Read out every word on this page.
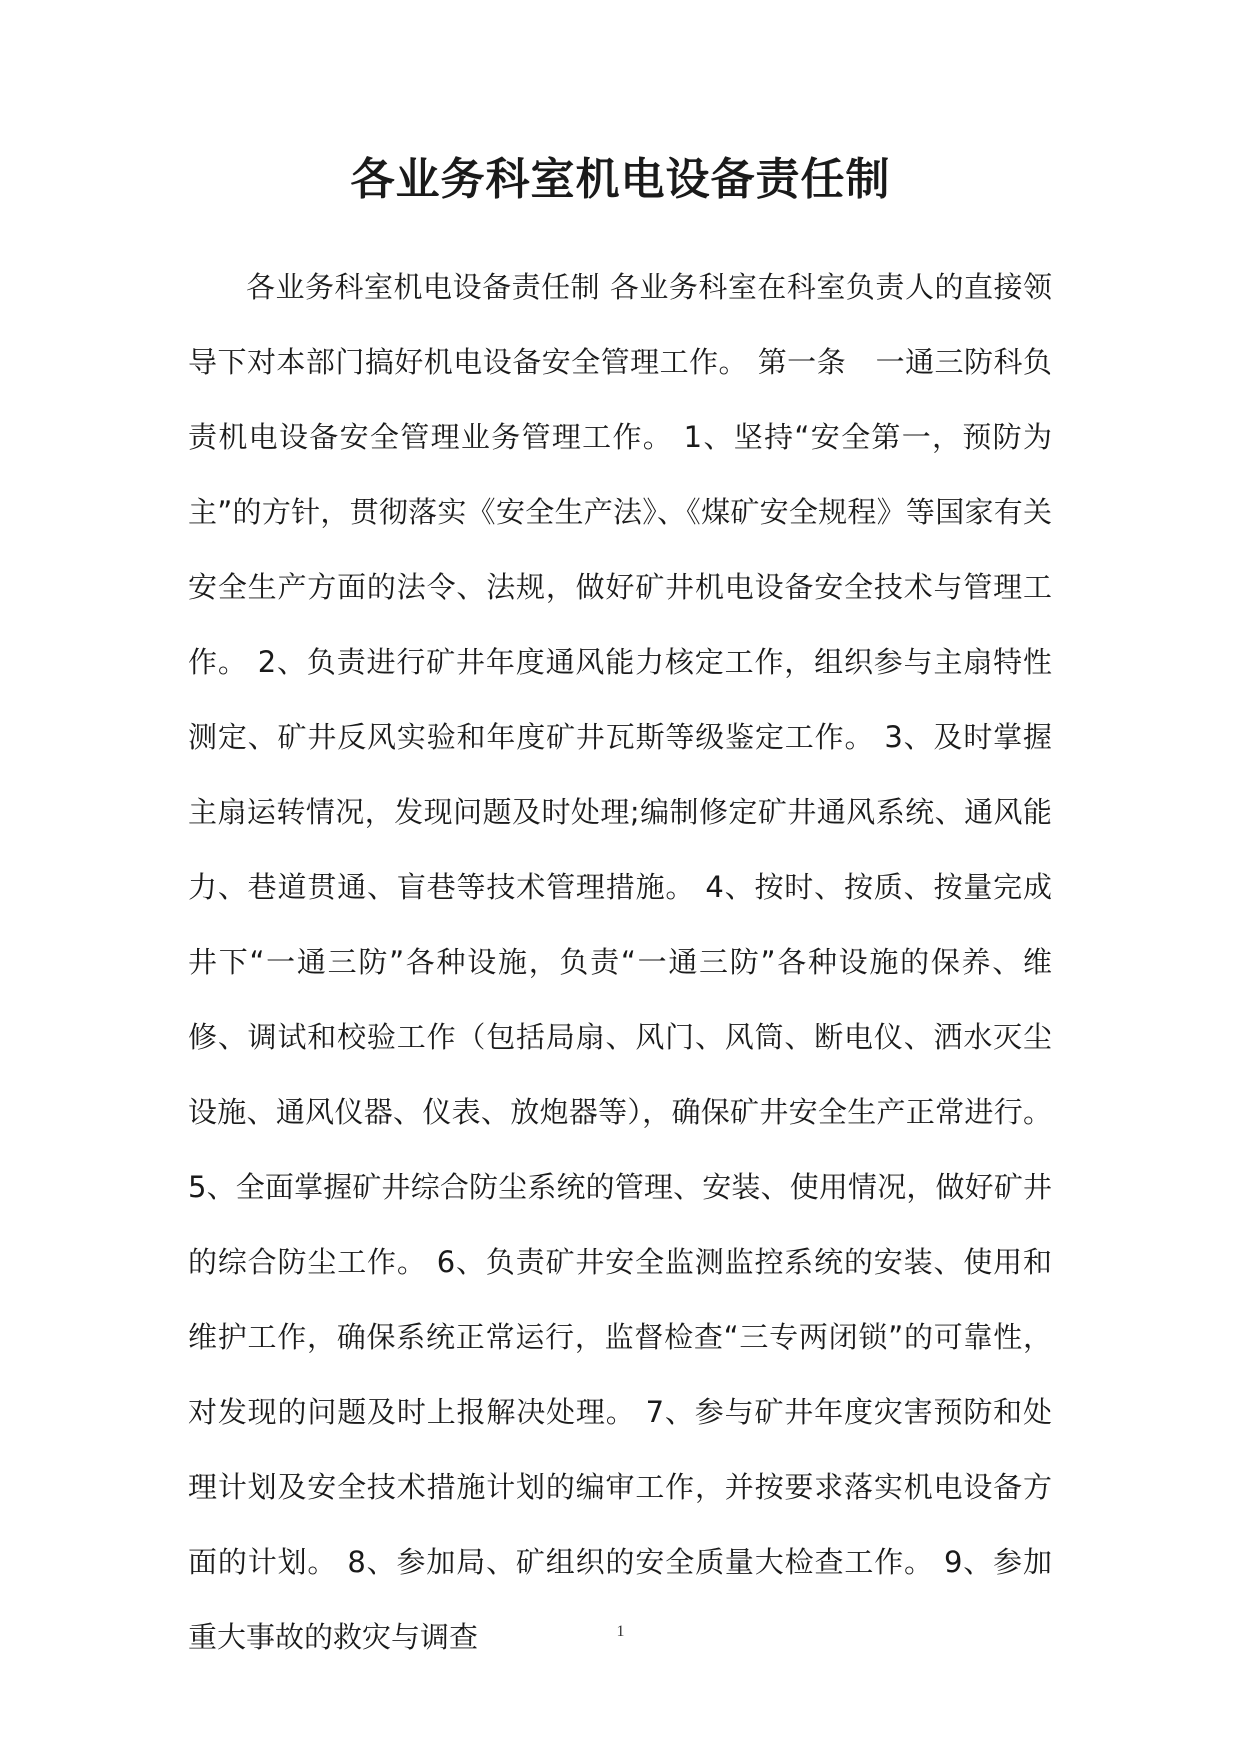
各业务科室机电设备责任制

各业务科室机电设备责任制 各业务科室在科室负责人的直接领导下对本部门搞好机电设备安全管理工作。 第一条　一通三防科负责机电设备安全管理业务管理工作。 1、坚持“安全第一，预防为主”的方针，贯彻落实《安全生产法》、《煤矿安全规程》等国家有关安全生产方面的法令、法规，做好矿井机电设备安全技术与管理工作。 2、负责进行矿井年度通风能力核定工作，组织参与主扇特性测定、矿井反风实验和年度矿井瓦斯等级鉴定工作。 3、及时掌握主扇运转情况，发现问题及时处理;编制修定矿井通风系统、通风能力、巷道贯通、盲巷等技术管理措施。 4、按时、按质、按量完成井下“一通三防”各种设施，负责“一通三防”各种设施的保养、维修、调试和校验工作（包括局扇、风门、风筒、断电仪、洒水灭尘设施、通风仪器、仪表、放炮器等），确保矿井安全生产正常进行。 5、全面掌握矿井综合防尘系统的管理、安装、使用情况，做好矿井的综合防尘工作。 6、负责矿井安全监测监控系统的安装、使用和维护工作，确保系统正常运行，监督检查“三专两闭锁”的可靠性，对发现的问题及时上报解决处理。 7、参与矿井年度灾害预防和处理计划及安全技术措施计划的编审工作，并按要求落实机电设备方面的计划。 8、参加局、矿组织的安全质量大检查工作。 9、参加重大事故的救灾与调查	1
